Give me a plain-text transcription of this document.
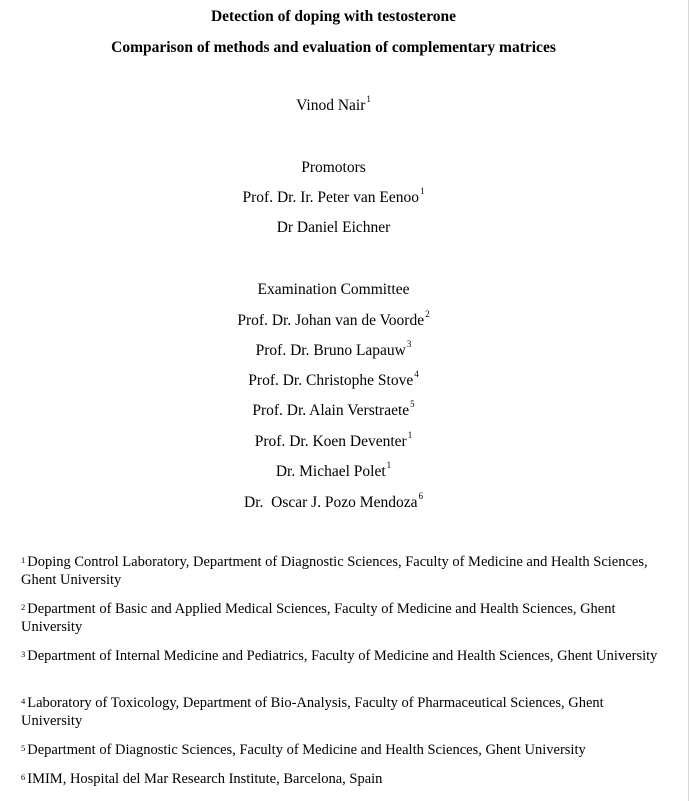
Detection of doping with testosterone
Comparison of methods and evaluation of complementary matrices
Vinod Nair$^1$
Promotors
Prof. Dr. Ir. Peter van Eenoo$^1$
Dr Daniel Eichner
Examination Committee
Prof. Dr. Johan van de Voorde$^2$
Prof. Dr. Bruno Lapauw$^3$
Prof. Dr. Christophe Stove$^4$
Prof. Dr. Alain Verstraete$^5$
Prof. Dr. Koen Deventer$^1$
Dr. Michael Polet$^1$
Dr.  Oscar J. Pozo Mendoza$^6$
$^1$ Doping Control Laboratory, Department of Diagnostic Sciences, Faculty of Medicine and Health Sciences, Ghent University
$^2$ Department of Basic and Applied Medical Sciences, Faculty of Medicine and Health Sciences, Ghent University
$^3$ Department of Internal Medicine and Pediatrics, Faculty of Medicine and Health Sciences, Ghent University
$^4$ Laboratory of Toxicology, Department of Bio-Analysis, Faculty of Pharmaceutical Sciences, Ghent University
$^5$ Department of Diagnostic Sciences, Faculty of Medicine and Health Sciences, Ghent University
$^6$ IMIM, Hospital del Mar Research Institute, Barcelona, Spain
